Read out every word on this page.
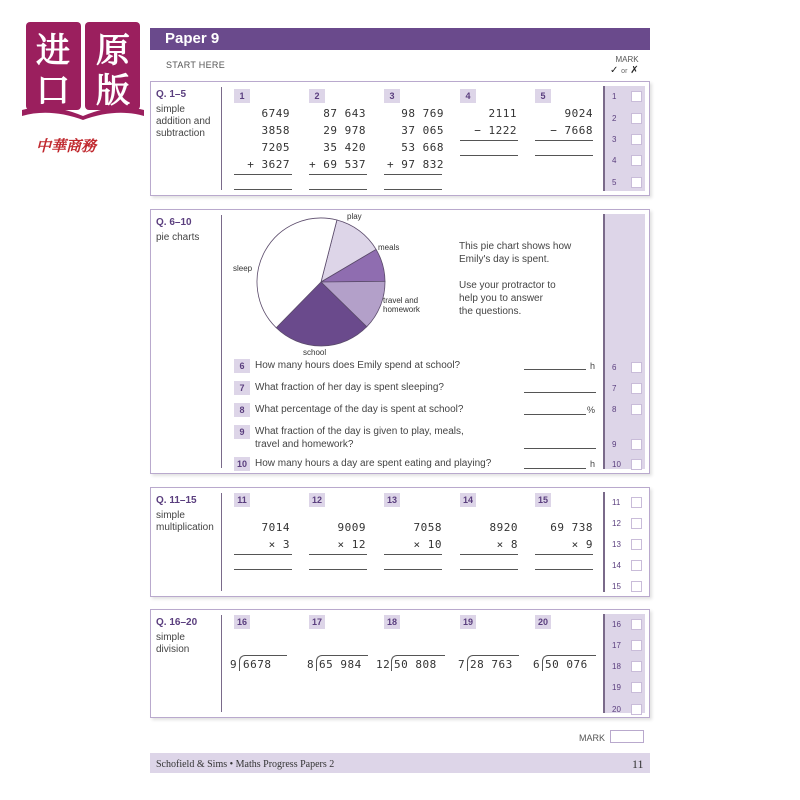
Paper 9
START HERE
MARK
✓ or ✗
Q. 1–5
simple
addition and
subtraction
1
6749
3858
7205
+ 3627
2
87 643
29 978
35 420
+ 69 537
3
98 769
37 065
53 668
+ 97 832
4
2111
− 1222
5
9024
− 7668
1
2
3
4
5
Q. 6–10
pie charts
play
meals
travel and homework
school
sleep
This pie chart shows how
Emily's day is spent.

Use your protractor to
help you to answer
the questions.
6	How many hours does Emily spend at school?	h
7	What fraction of her day is spent sleeping?
8	What percentage of the day is spent at school?	%
9	What fraction of the day is given to play, meals,
travel and homework?
10 How many hours a day are spent eating and playing?	h
6
7
8
9
10
Q. 11–15
simple
multiplication
11
7014
× 3
12
9009
× 12
13
7058
× 10
14
8920
× 8
15
69 738
× 9
11
12
13
14
15
Q. 16–20
simple
division
16
9 6678
17
8 65 984
18
12 50 808
19
7 28 763
20
6 50 076
16
17
18
19
20
MARK
Schofield & Sims • Maths Progress Papers 2	11
进 原
口 版
中華商務
